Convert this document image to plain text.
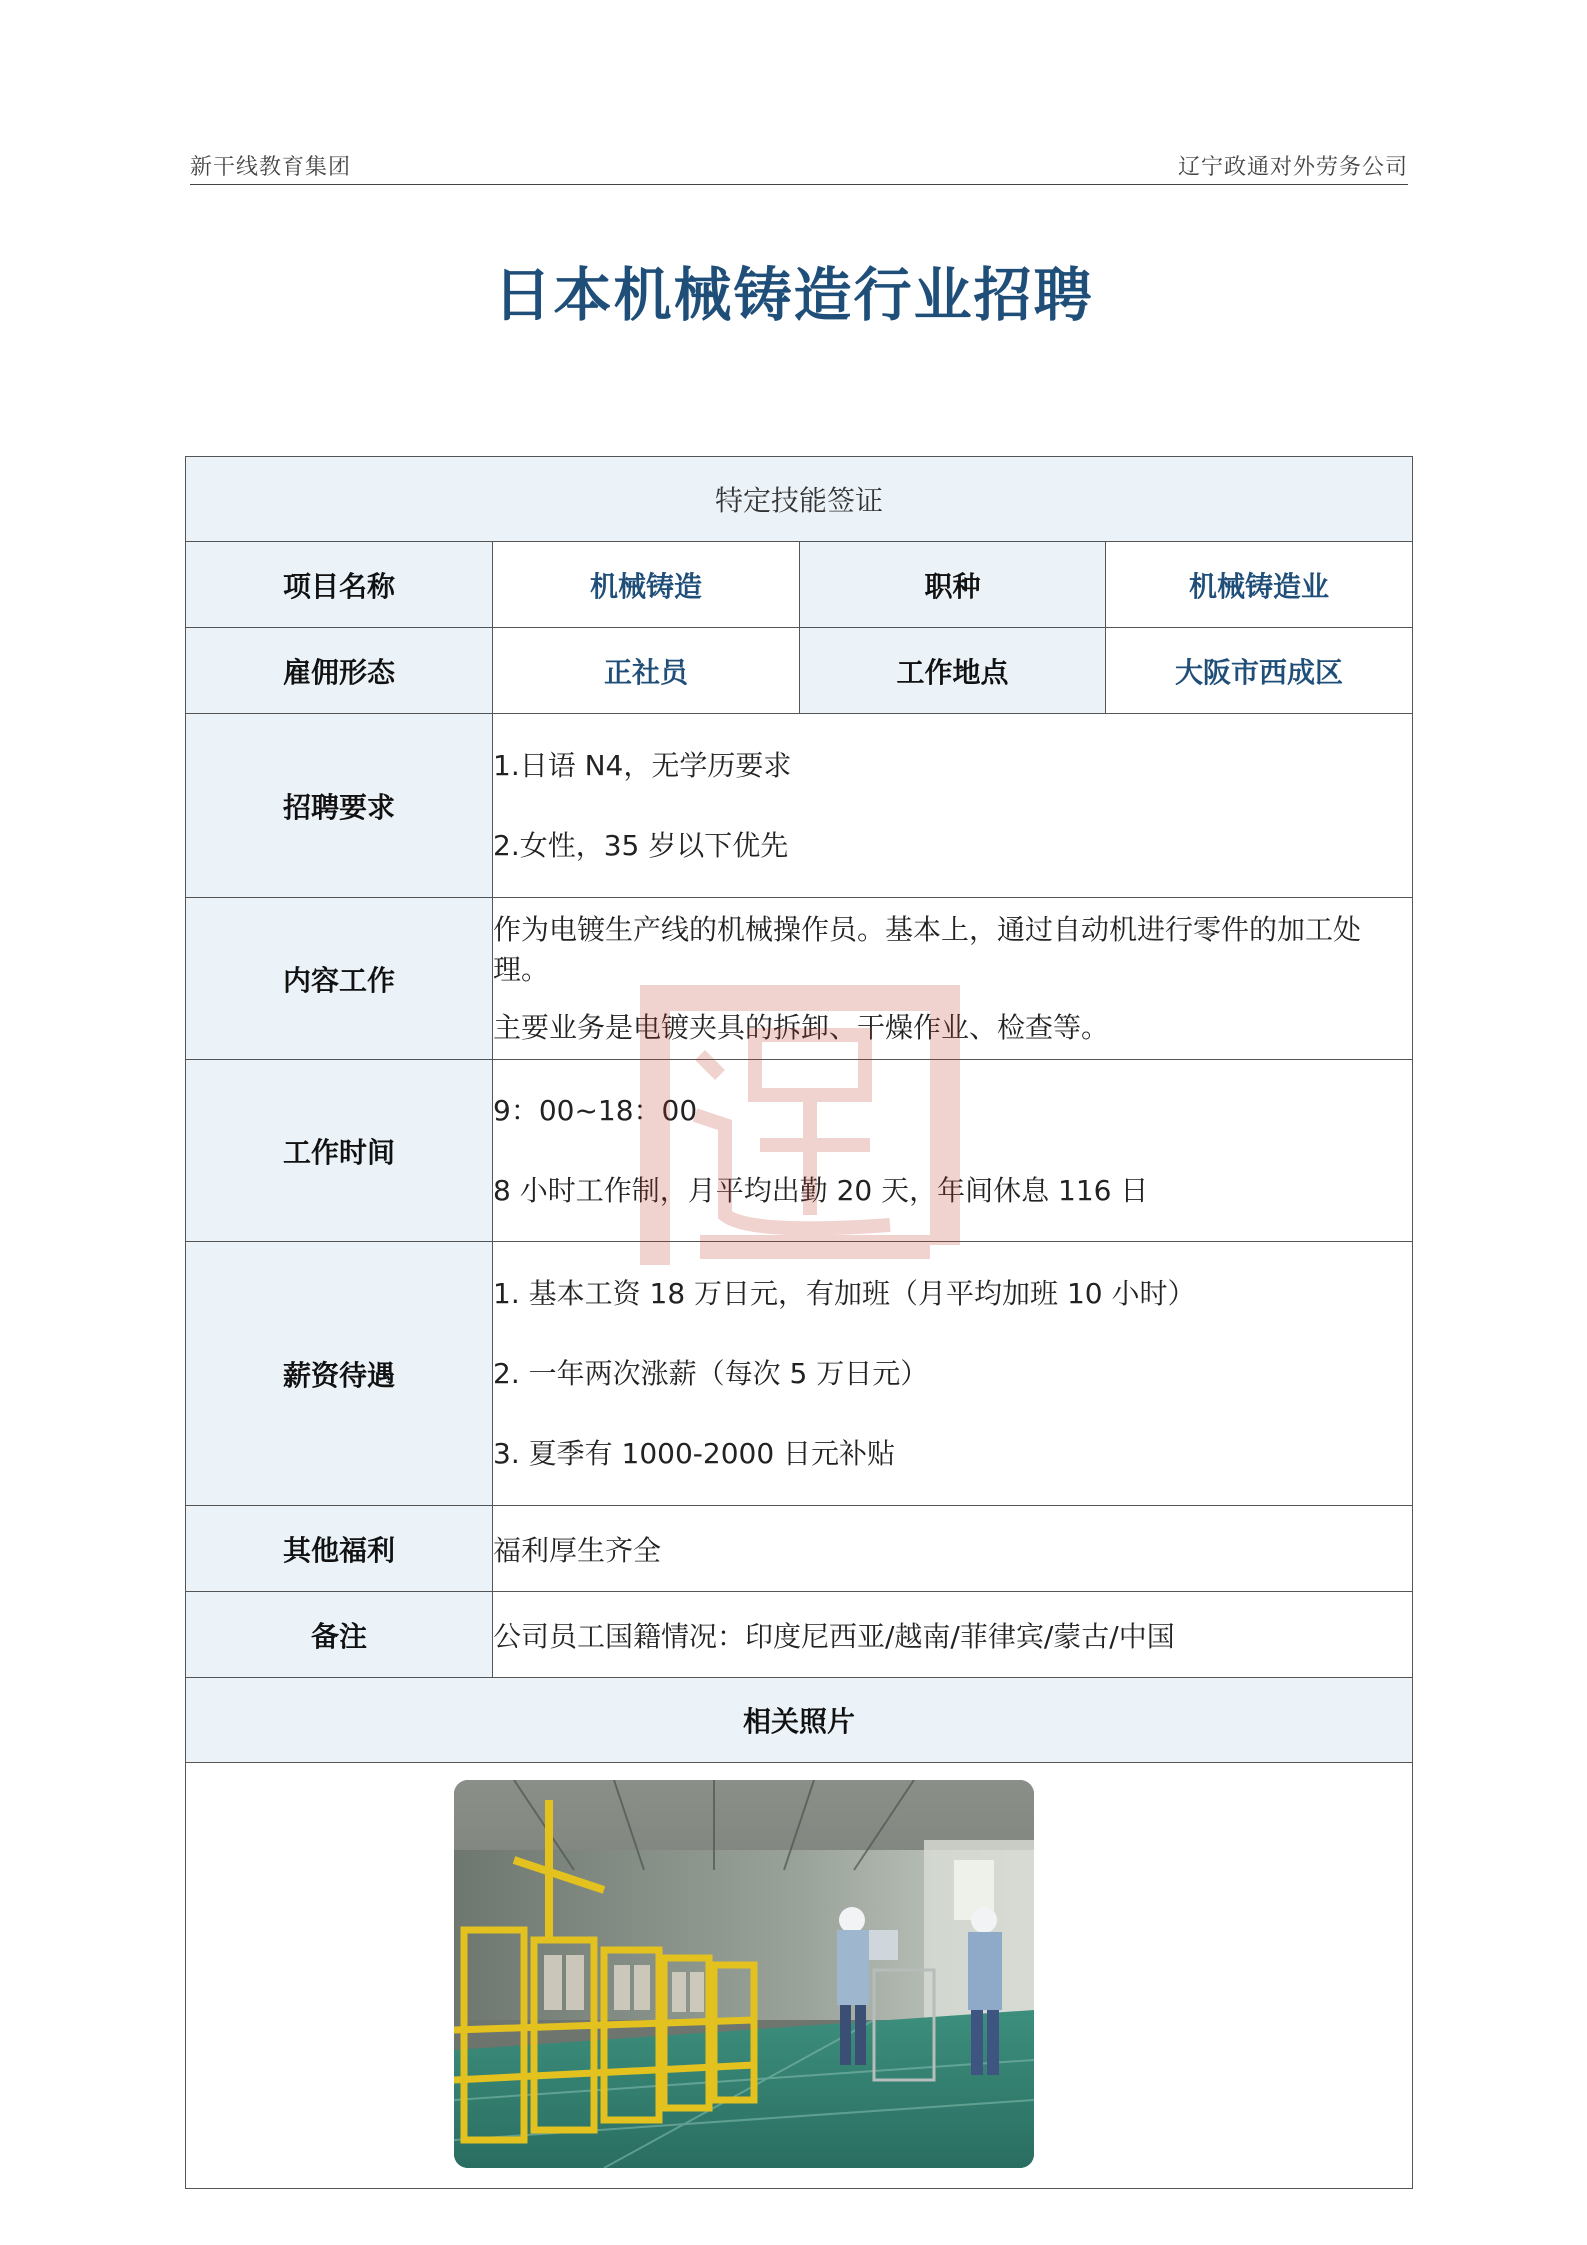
新干线教育集团	辽宁政通对外劳务公司
日本机械铸造行业招聘
特定技能签证			
项目名称	机械铸造	职种	机械铸造业
雇佣形态	正社员	工作地点	大阪市西成区
招聘要求	1.日语 N4，无学历要求
2.女性，35 岁以下优先		

内容工作	作为电镀生产线的机械操作员。基本上，通过自动机进行零件的加工处理。
主要业务是电镀夹具的拆卸、干燥作业、检查等。		

工作时间	9：00~18：00
8 小时工作制，月平均出勤 20 天，年间休息 116 日		

薪资待遇	1. 基本工资 18 万日元，有加班（月平均加班 10 小时）
2. 一年两次涨薪（每次 5 万日元）
3. 夏季有 1000-2000 日元补贴		

其他福利	福利厚生齐全		
备注	公司员工国籍情况：印度尼西亚/越南/菲律宾/蒙古/中国		
相关照片			
